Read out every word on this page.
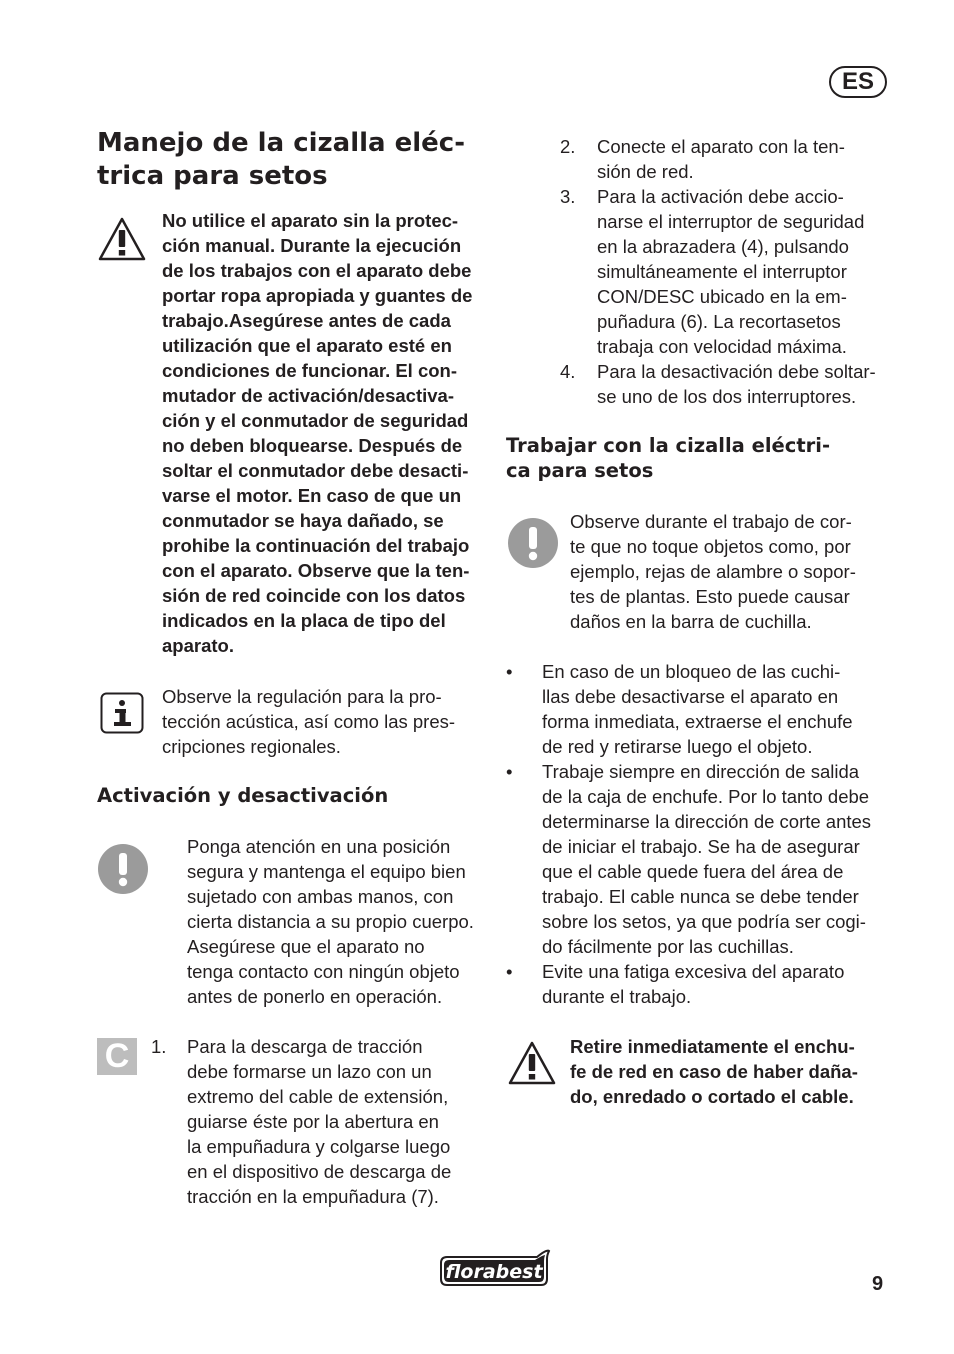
ES
Manejo de la cizalla eléc-
trica para setos

No utilice el aparato sin la protec-
ción manual. Durante la ejecución
de los trabajos con el aparato debe
portar ropa apropiada y guantes de
trabajo.Asegúrese antes de cada
utilización que el aparato esté en
condiciones de funcionar. El con-
mutador de activación/desactiva-
ción y el conmutador de seguridad
no deben bloquearse. Después de
soltar el conmutador debe desacti-
varse el motor. En caso de que un
conmutador se haya dañado, se
prohibe la continuación del trabajo
con el aparato. Observe que la ten-
sión de red coincide con los datos
indicados en la placa de tipo del
aparato.

Observe la regulación para la pro-
tección acústica, así como las pres-
cripciones regionales.

Activación y desactivación

Ponga atención en una posición
segura y mantenga el equipo bien
sujetado con ambas manos, con
cierta distancia a su propio cuerpo.
Asegúrese que el aparato no
tenga contacto con ningún objeto
antes de ponerlo en operación.

C	1. Para la descarga de tracción
debe formarse un lazo con un
extremo del cable de extensión,
guiarse éste por la abertura en
la empuñadura y colgarse luego
en el dispositivo de descarga de
tracción en la empuñadura (7).

2. Conecte el aparato con la ten-
sión de red.
3. Para la activación debe accio-
narse el interruptor de seguridad
en la abrazadera (4), pulsando
simultáneamente el interruptor
CON/DESC ubicado en la em-
puñadura (6). La recortasetos
trabaja con velocidad máxima.
4. Para la desactivación debe soltar-
se uno de los dos interruptores.
Trabajar con la cizalla eléctri-
ca para setos

Observe durante el trabajo de cor-
te que no toque objetos como, por
ejemplo, rejas de alambre o sopor-
tes de plantas. Esto puede causar
daños en la barra de cuchilla.

• En caso de un bloqueo de las cuchi-
llas debe desactivarse el aparato en
forma inmediata, extraerse el enchufe
de red y retirarse luego el objeto.
• Trabaje siempre en dirección de salida
de la caja de enchufe. Por lo tanto debe
determinarse la dirección de corte antes
de iniciar el trabajo. Se ha de asegurar
que el cable quede fuera del área de
trabajo. El cable nunca se debe tender
sobre los setos, ya que podría ser cogi-
do fácilmente por las cuchillas.
• Evite una fatiga excesiva del aparato
durante el trabajo.

Retire inmediatamente el enchu-
fe de red en caso de haber daña-
do, enredado o cortado el cable.

florabest
9
